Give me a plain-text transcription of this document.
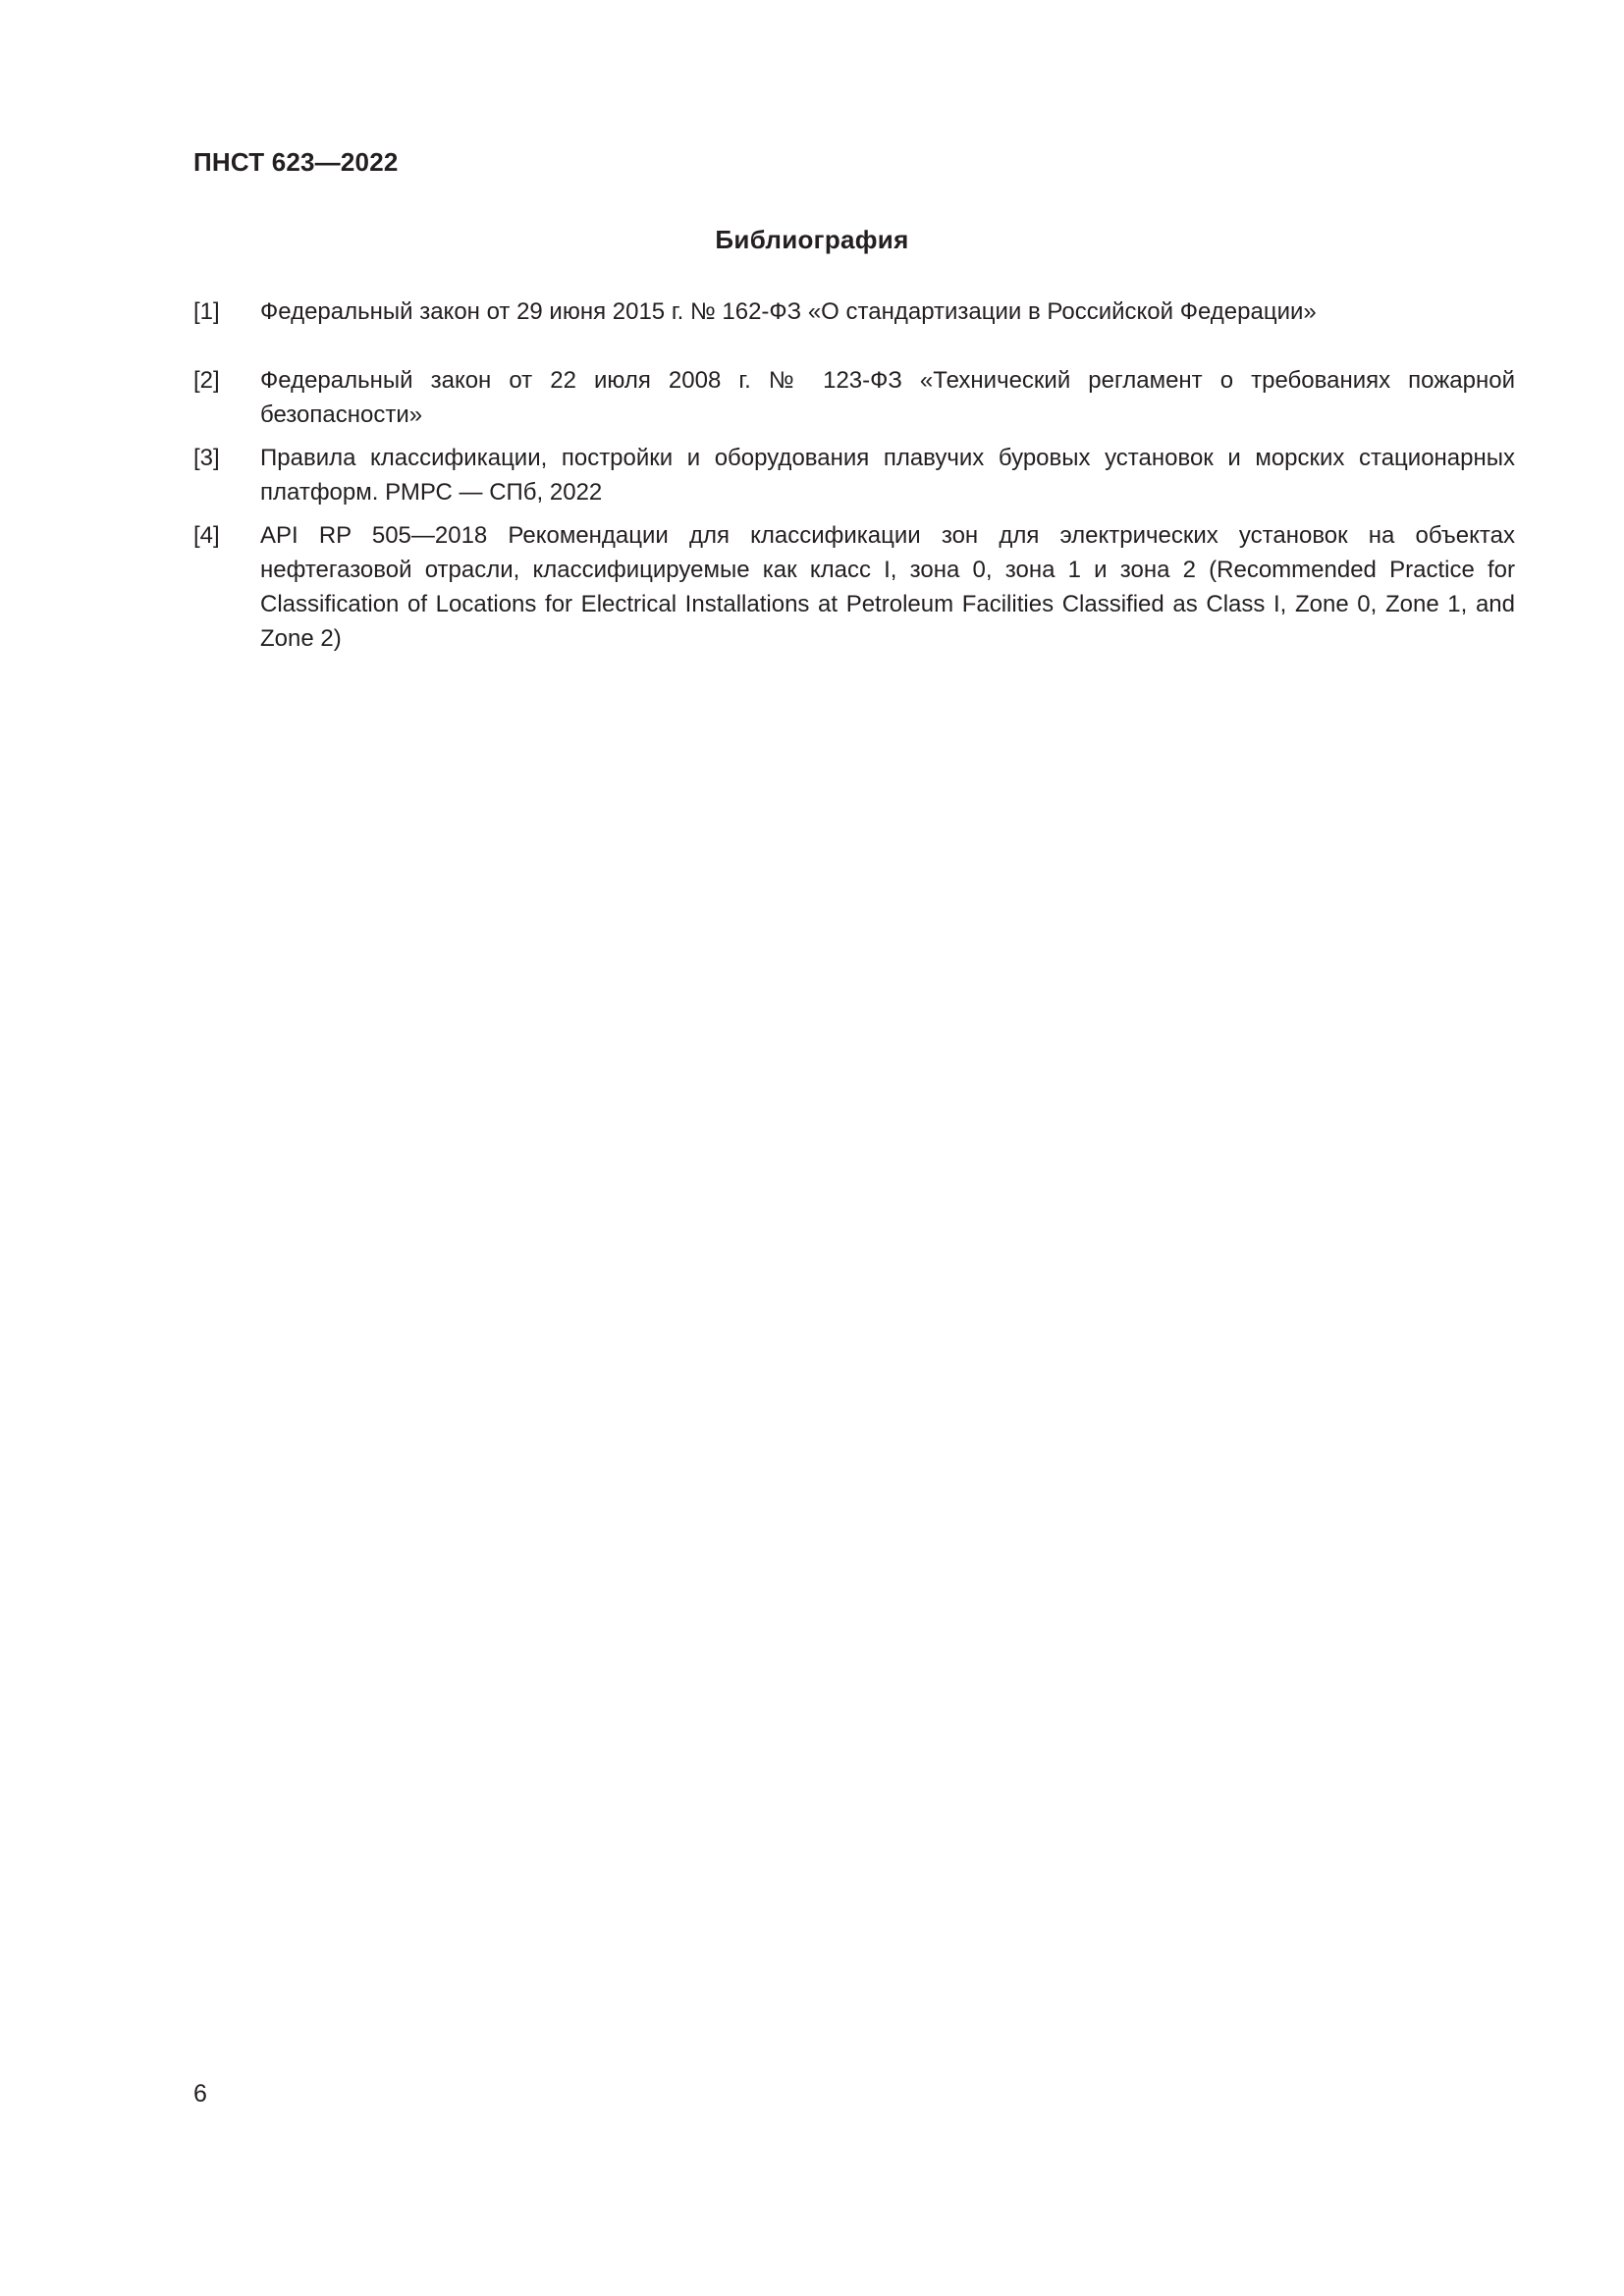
ПНСТ 623—2022
Библиография
[1] Федеральный закон от 29 июня 2015 г. № 162-ФЗ «О стандартизации в Российской Федерации»
[2] Федеральный закон от 22 июля 2008 г. № 123-ФЗ «Технический регламент о требованиях пожарной безопасности»
[3] Правила классификации, постройки и оборудования плавучих буровых установок и морских стационарных платформ. РМРС — СПб, 2022
[4] API RP 505—2018 Рекомендации для классификации зон для электрических установок на объектах нефтегазовой отрасли, классифицируемые как класс I, зона 0, зона 1 и зона 2 (Recommended Practice for Classification of Locations for Electrical Installations at Petroleum Facilities Classified as Class I, Zone 0, Zone 1, and Zone 2)
6
